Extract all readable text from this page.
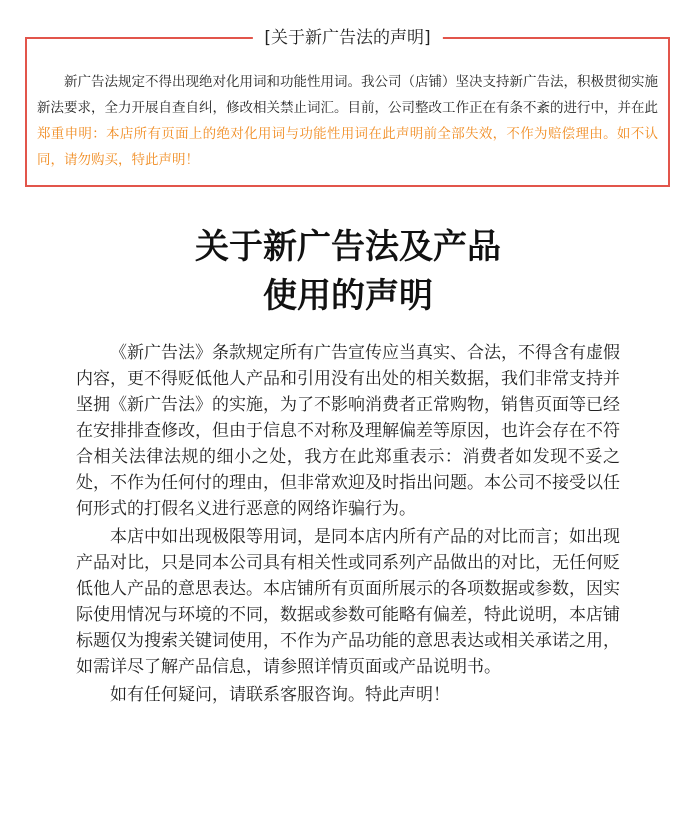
[关于新广告法的声明]
新广告法规定不得出现绝对化用词和功能性用词。我公司（店铺）坚决支持新广告法，积极贯彻实施新法要求，全力开展自查自纠，修改相关禁止词汇。目前，公司整改工作正在有条不紊的进行中，并在此郑重申明：本店所有页面上的绝对化用词与功能性用词在此声明前全部失效，不作为赔偿理由。如不认同，请勿购买，特此声明！
关于新广告法及产品
使用的声明

《新广告法》条款规定所有广告宣传应当真实、合法，不得含有虚假内容，更不得贬低他人产品和引用没有出处的相关数据，我们非常支持并坚拥《新广告法》的实施，为了不影响消费者正常购物，销售页面等已经在安排排查修改，但由于信息不对称及理解偏差等原因，也许会存在不符合相关法律法规的细小之处，我方在此郑重表示：消费者如发现不妥之处，不作为任何付的理由，但非常欢迎及时指出问题。本公司不接受以任何形式的打假名义进行恶意的网络诈骗行为。

本店中如出现极限等用词，是同本店内所有产品的对比而言；如出现产品对比，只是同本公司具有相关性或同系列产品做出的对比，无任何贬低他人产品的意思表达。本店铺所有页面所展示的各项数据或参数，因实际使用情况与环境的不同，数据或参数可能略有偏差，特此说明，本店铺标题仅为搜索关键词使用，不作为产品功能的意思表达或相关承诺之用，如需详尽了解产品信息，请参照详情页面或产品说明书。

如有任何疑问，请联系客服咨询。特此声明！
